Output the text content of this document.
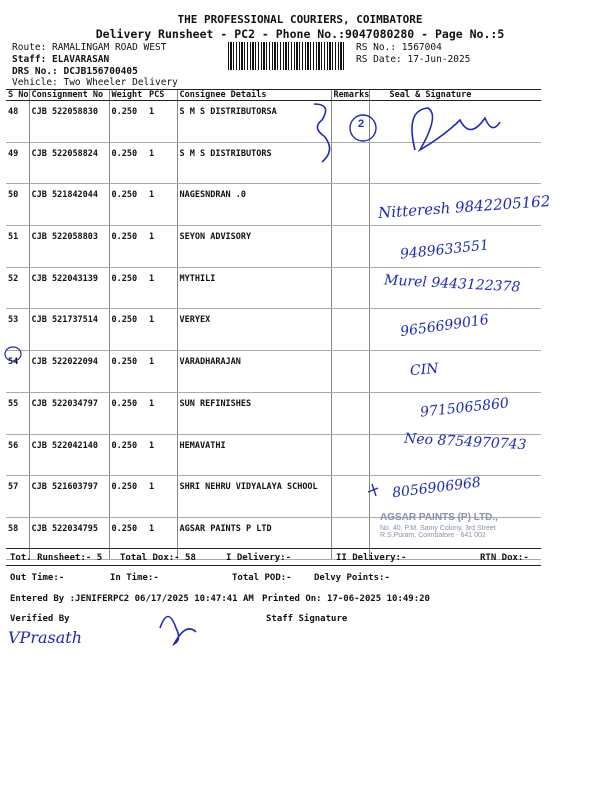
THE PROFESSIONAL COURIERS, COIMBATORE
Delivery Runsheet - PC2 - Phone No.:9047080280 - Page No.:5
Route: RAMALINGAM ROAD WEST
Staff: ELAVARASAN
DRS No.: DCJB156700405
Vehicle: Two Wheeler Delivery
RS No.: 1567004
RS Date: 17-Jun-2025
S No	Consignment No	Weight	PCS	Consignee Details	Remarks	Seal & Signature
48	CJB 522058830	0.250	1	S M S DISTRIBUTORSA		
49	CJB 522058824	0.250	1	S M S DISTRIBUTORS		
50	CJB 521842044	0.250	1	NAGESNDRAN .0		
51	CJB 522058803	0.250	1	SEYON ADVISORY		
52	CJB 522043139	0.250	1	MYTHILI		
53	CJB 521737514	0.250	1	VERYEX		
54	CJB 522022094	0.250	1	VARADHARAJAN		
55	CJB 522034797	0.250	1	SUN REFINISHES		
56	CJB 522042140	0.250	1	HEMAVATHI		
57	CJB 521603797	0.250	1	SHRI NEHRU VIDYALAYA SCHOOL		
58	CJB 522034795	0.250	1	AGSAR PAINTS P LTD		
2
Nitteresh 9842205162
9489633551
Murel 9443122378
9656699016
CIN
9715065860
Neo 8754970743
8056906968
AGSAR PAINTS (P) LTD.,
No. 40, P.M. Samy Colony, 3rd Street
R.S.Puram, Coimbatore - 641 002
Tot. Runsheet:- 5 Total Dox:- 58	I Delivery:-	II Delivery:-	RTN Dox:-
Out Time:-	In Time:-	Total POD:- Delvy Points:-
Entered By :JENIFERPC2 06/17/2025 10:47:41 AM Printed On: 17-06-2025 10:49:20
Verified By	Staff Signature
VPrasath
